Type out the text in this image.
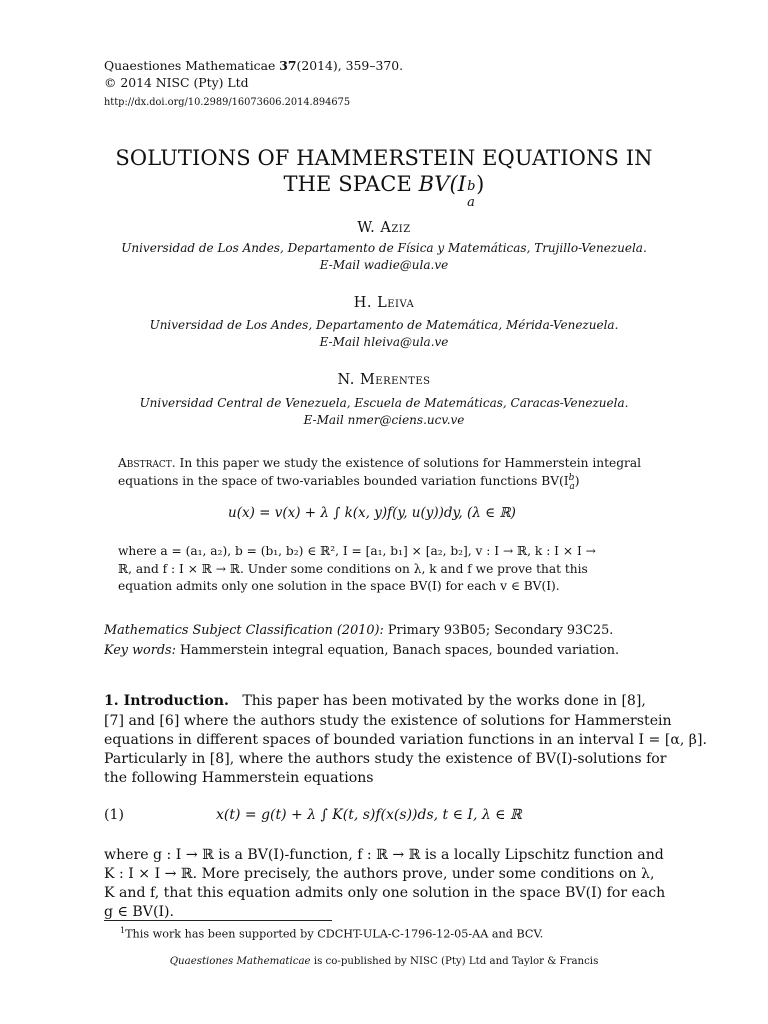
Quaestiones Mathematicae 37(2014), 359–370.
© 2014 NISC (Pty) Ltd
http://dx.doi.org/10.2989/16073606.2014.894675
SOLUTIONS OF HAMMERSTEIN EQUATIONS IN
THE SPACE BV(I b
a
)
W. Aziz
Universidad de Los Andes, Departamento de Física y Matemáticas, Trujillo-Venezuela.
E-Mail wadie@ula.ve
H. Leiva
Universidad de Los Andes, Departamento de Matemática, Mérida-Venezuela.
E-Mail hleiva@ula.ve
N. Merentes
Universidad Central de Venezuela, Escuela de Matemáticas, Caracas-Venezuela.
E-Mail nmer@ciens.ucv.ve
Abstract. In this paper we study the existence of solutions for Hammerstein integral
equations in the space of two-variables bounded variation functions $BV(I^b_a)$
u(x) = v(x) + λ ∫ k(x, y)f(y, u(y))dy, (λ ∈ ℝ)
where a = (a₁, a₂), b = (b₁, b₂) ∈ ℝ², I = [a₁, b₁] × [a₂, b₂], v : I → ℝ, k : I × I →
ℝ, and f : I × ℝ → ℝ. Under some conditions on λ, k and f we prove that this
equation admits only one solution in the space BV(I) for each v ∈ BV(I).
Mathematics Subject Classification (2010): Primary 93B05; Secondary 93C25.
Key words: Hammerstein integral equation, Banach spaces, bounded variation.
1. Introduction. This paper has been motivated by the works done in [8],
[7] and [6] where the authors study the existence of solutions for Hammerstein
equations in different spaces of bounded variation functions in an interval I = [α, β].
Particularly in [8], where the authors study the existence of BV(I)-solutions for
the following Hammerstein equations
(1)	x(t) = g(t) + λ ∫ K(t, s)f(x(s))ds, t ∈ I, λ ∈ ℝ
where g : I → ℝ is a BV(I)-function, f : ℝ → ℝ is a locally Lipschitz function and
K : I × I → ℝ. More precisely, the authors prove, under some conditions on λ,
K and f, that this equation admits only one solution in the space BV(I) for each
g ∈ BV(I).
$^1$This work has been supported by CDCHT-ULA-C-1796-12-05-AA and BCV.
Quaestiones Mathematicae is co-published by NISC (Pty) Ltd and Taylor & Francis
